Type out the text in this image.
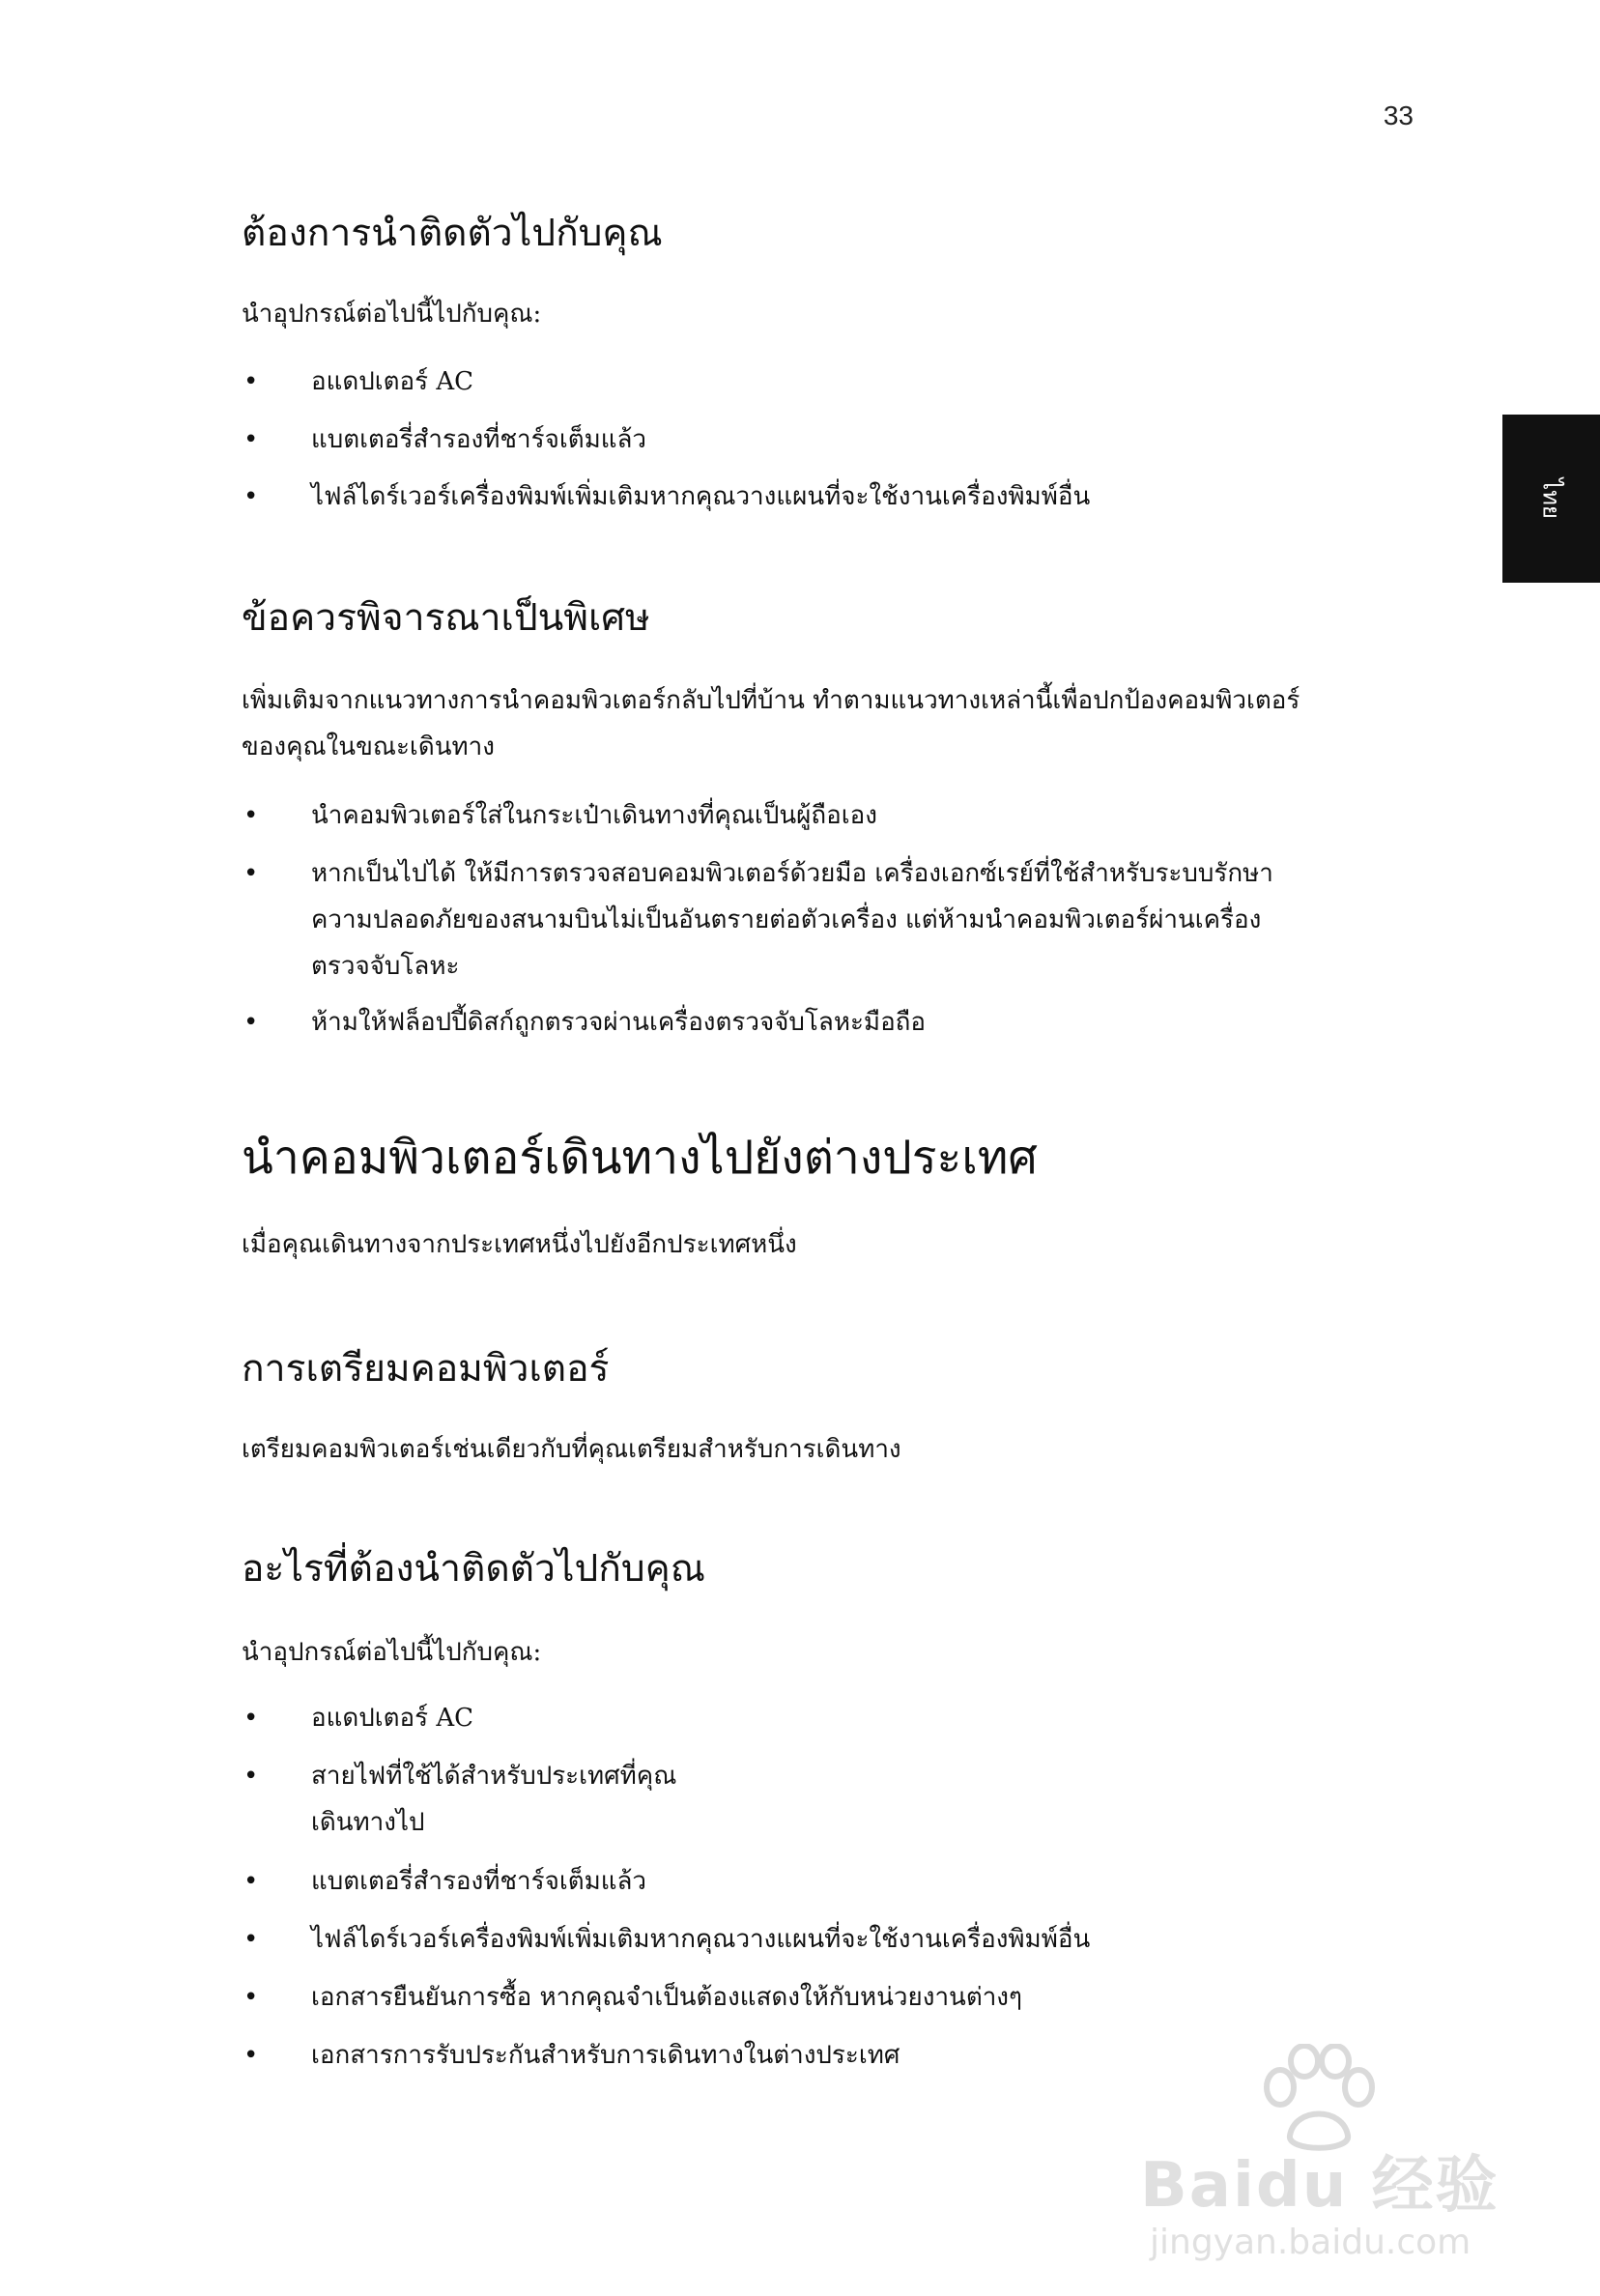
33
ไทย
ต้องการนำติดตัวไปกับคุณ

นำอุปกรณ์ต่อไปนี้ไปกับคุณ:

• อแดปเตอร์ AC
• แบตเตอรี่สำรองที่ชาร์จเต็มแล้ว
• ไฟล์ไดร์เวอร์เครื่องพิมพ์เพิ่มเติมหากคุณวางแผนที่จะใช้งานเครื่องพิมพ์อื่น
ข้อควรพิจารณาเป็นพิเศษ

เพิ่มเติมจากแนวทางการนำคอมพิวเตอร์กลับไปที่บ้าน ทำตามแนวทางเหล่านี้เพื่อปกป้องคอมพิวเตอร์

ของคุณในขณะเดินทาง

• นำคอมพิวเตอร์ใส่ในกระเป๋าเดินทางที่คุณเป็นผู้ถือเอง
• หากเป็นไปได้ ให้มีการตรวจสอบคอมพิวเตอร์ด้วยมือ เครื่องเอกซ์เรย์ที่ใช้สำหรับระบบรักษา
ความปลอดภัยของสนามบินไม่เป็นอันตรายต่อตัวเครื่อง แต่ห้ามนำคอมพิวเตอร์ผ่านเครื่อง
ตรวจจับโลหะ
• ห้ามให้ฟล็อปปี้ดิสก์ถูกตรวจผ่านเครื่องตรวจจับโลหะมือถือ
นำคอมพิวเตอร์เดินทางไปยังต่างประเทศ

เมื่อคุณเดินทางจากประเทศหนึ่งไปยังอีกประเทศหนึ่ง

การเตรียมคอมพิวเตอร์

เตรียมคอมพิวเตอร์เช่นเดียวกับที่คุณเตรียมสำหรับการเดินทาง

อะไรที่ต้องนำติดตัวไปกับคุณ

นำอุปกรณ์ต่อไปนี้ไปกับคุณ:

• อแดปเตอร์ AC
• สายไฟที่ใช้ได้สำหรับประเทศที่คุณ
เดินทางไป
• แบตเตอรี่สำรองที่ชาร์จเต็มแล้ว
• ไฟล์ไดร์เวอร์เครื่องพิมพ์เพิ่มเติมหากคุณวางแผนที่จะใช้งานเครื่องพิมพ์อื่น
• เอกสารยืนยันการซื้อ หากคุณจำเป็นต้องแสดงให้กับหน่วยงานต่างๆ
• เอกสารการรับประกันสำหรับการเดินทางในต่างประเทศ
Baidu 经验
jingyan.baidu.com
